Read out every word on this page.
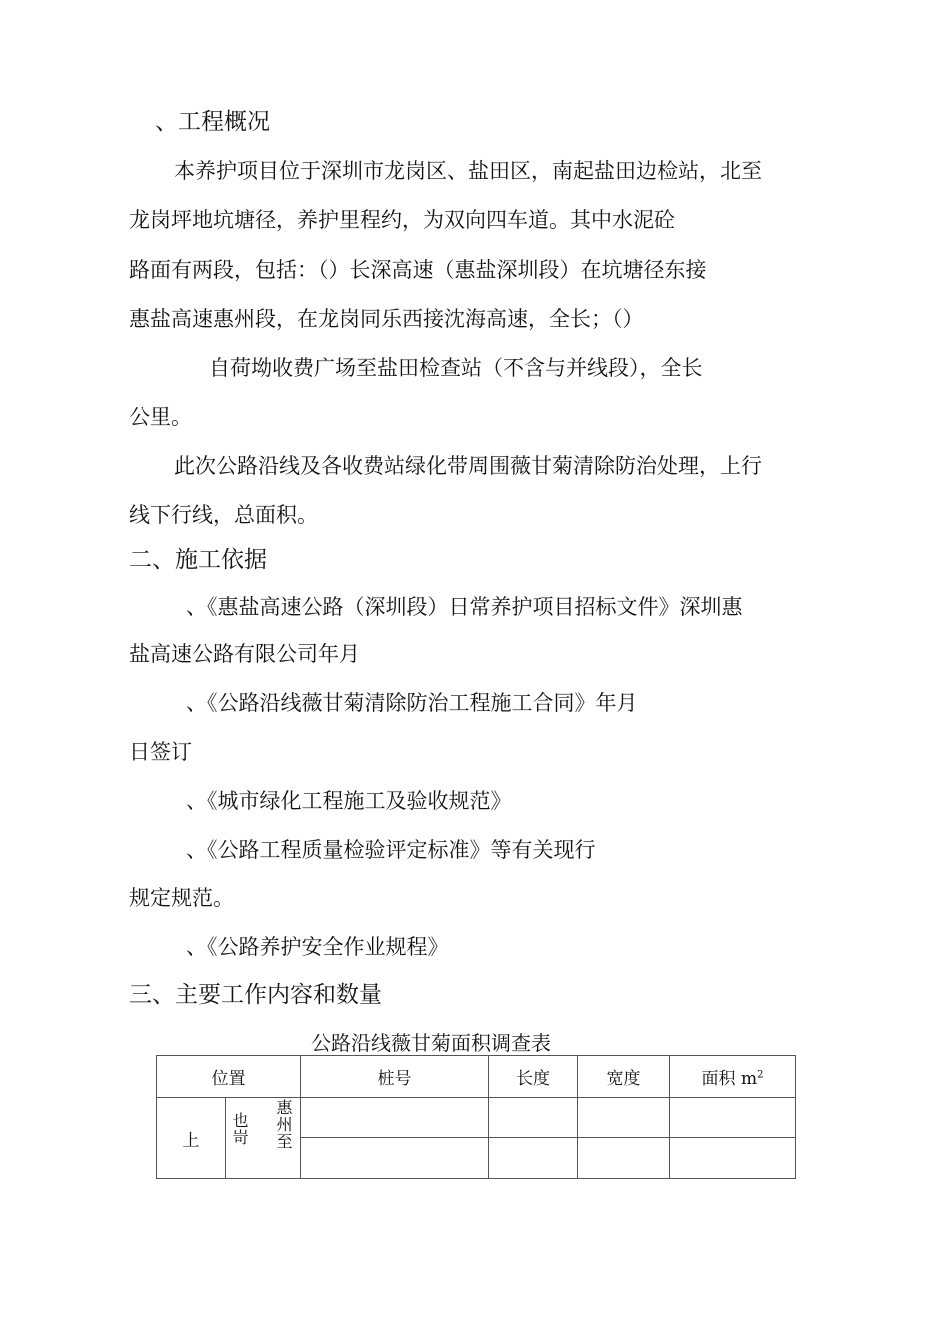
、工程概况
本养护项目位于深圳市龙岗区、盐田区，南起盐田边检站，北至
龙岗坪地坑塘径，养护里程约，为双向四车道。其中水泥砼
路面有两段，包括：（）长深高速（惠盐深圳段）在坑塘径东接
惠盐高速惠州段，在龙岗同乐西接沈海高速，全长；（）
自荷坳收费广场至盐田检查站（不含与并线段），全长
公里。
此次公路沿线及各收费站绿化带周围薇甘菊清除防治处理，上行
线下行线，总面积。
二、施工依据
、《惠盐高速公路（深圳段）日常养护项目招标文件》深圳惠
盐高速公路有限公司年月
、《公路沿线薇甘菊清除防治工程施工合同》年月
日签订
、《城市绿化工程施工及验收规范》
、《公路工程质量检验评定标准》等有关现行
规定规范。
、《公路养护安全作业规程》
三、主要工作内容和数量
公路沿线薇甘菊面积调查表
位置		桩号	长度	宽度	面积 $m^2$
上	也岢 惠州至				
